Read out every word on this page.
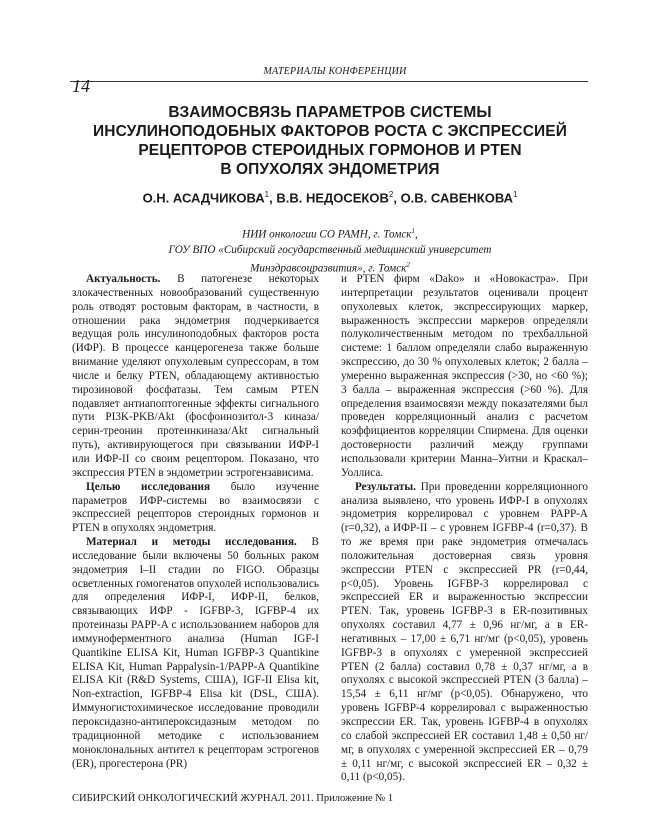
МАТЕРИАЛЫ КОНФЕРЕНЦИИ
14
ВЗАИМОСВЯЗЬ ПАРАМЕТРОВ СИСТЕМЫ
ИНСУЛИНОПОДОБНЫХ ФАКТОРОВ РОСТА С ЭКСПРЕССИЕЙ
РЕЦЕПТОРОВ СТЕРОИДНЫХ ГОРМОНОВ И PTEN
В ОПУХОЛЯХ ЭНДОМЕТРИЯ
О.Н. АСАДЧИКОВА$^1$, В.В. НЕДОСЕКОВ$^2$, О.В. САВЕНКОВА$^1$
НИИ онкологии СО РАМН, г. Томск$^1$,
ГОУ ВПО «Сибирский государственный медицинский университет
Минздравсоцразвития», г. Томск$^2$

Актуальность. В патогенезе некоторых злокачественных новообразований существенную роль отводят ростовым факторам, в частности, в отношении рака эндометрия подчеркивается ведущая роль инсулиноподобных факторов роста (ИФР). В процессе канцерогенеза также больше внимание уделяют опухолевым супрессорам, в том числе и белку PTEN, обладающему активностью тирозиновой фосфатазы. Тем самым PTEN подавляет антиапоптогенные эффекты сигнального пути PI3K-PKB/Akt (фосфоинозитол-3 киназа/серин-треонин протеинкиназа/Akt сигнальный путь), активирующегося при связывании ИФР-I или ИФР-II со своим рецептором. Показано, что экспрессия PTEN в эндометрии эстрогензависима.

Целью исследования было изучение параметров ИФР-системы во взаимосвязи с экспрессией рецепторов стероидных гормонов и PTEN в опухолях эндометрия.

Материал и методы исследования. В исследование были включены 50 больных раком эндометрия I–II стадии по FIGO. Образцы осветленных гомогенатов опухолей использовались для определения ИФР-I, ИФР-II, белков, связывающих ИФР - IGFBP-3, IGFBP-4 их протеиназы PAPP-A с использованием наборов для иммуноферментного анализа (Human IGF-I Quantikine ELISA Kit, Human IGFBP-3 Quantikine ELISA Kit, Human Pappalysin-1/PAPP-A Quantikine ELISA Kit (R&D Systems, США), IGF-II Elisa kit, Non-extraction, IGFBP-4 Elisa kit (DSL, США). Иммуногистохимическое исследование проводили пероксидазно-антипероксидазным методом по традиционной методике с использованием моноклональных антител к рецепторам эстрогенов (ER), прогестерона (PR)

и PTEN фирм «Dako» и «Новокастра». При интерпретации результатов оценивали процент опухолевых клеток, экспрессирующих маркер, выраженность экспрессии маркеров определяли полуколичественным методом по трехбалльной системе: 1 баллом определяли слабо выраженную экспрессию, до 30 % опухолевых клеток; 2 балла – умеренно выраженная экспрессия (>30, но <60 %); 3 балла – выраженная экспрессия (>60 %). Для определения взаимосвязи между показателями был проведен корреляционный анализ с расчетом коэффициентов корреляции Спирмена. Для оценки достоверности различий между группами использовали критерии Манна–Уитни и Краскал–Уоллиса.

Результаты. При проведении корреляционного анализа выявлено, что уровень ИФР-I в опухолях эндометрия коррелировал с уровнем PAPP-A (r=0,32), а ИФР-II – с уровнем IGFBP-4 (r=0,37). В то же время при раке эндометрия отмечалась положительная достоверная связь уровня экспрессии PTEN с экспрессией PR (r=0,44, p<0,05). Уровень IGFBP-3 коррелировал с экспрессией ER и выраженностью экспрессии PTEN. Так, уровень IGFBP-3 в ER-позитивных опухолях составил 4,77 ± 0,96 нг/мг, а в ER-негативных – 17,00 ± 6,71 нг/мг (p<0,05), уровень IGFBP-3 в опухолях с умеренной экспрессией PTEN (2 балла) составил 0,78 ± 0,37 нг/мг, а в опухолях с высокой экспрессией PTEN (3 балла) – 15,54 ± 6,11 нг/мг (p<0,05). Обнаружено, что уровень IGFBP-4 коррелировал с выраженностью экспрессии ER. Так, уровень IGFBP-4 в опухолях со слабой экспрессией ER составил 1,48 ± 0,50 нг/мг, в опухолях с умеренной экспрессией ER – 0,79 ± 0,11 нг/мг, с высокой экспрессией ER – 0,32 ± 0,11 (p<0,05).

СИБИРСКИЙ ОНКОЛОГИЧЕСКИЙ ЖУРНАЛ. 2011. Приложение № 1
